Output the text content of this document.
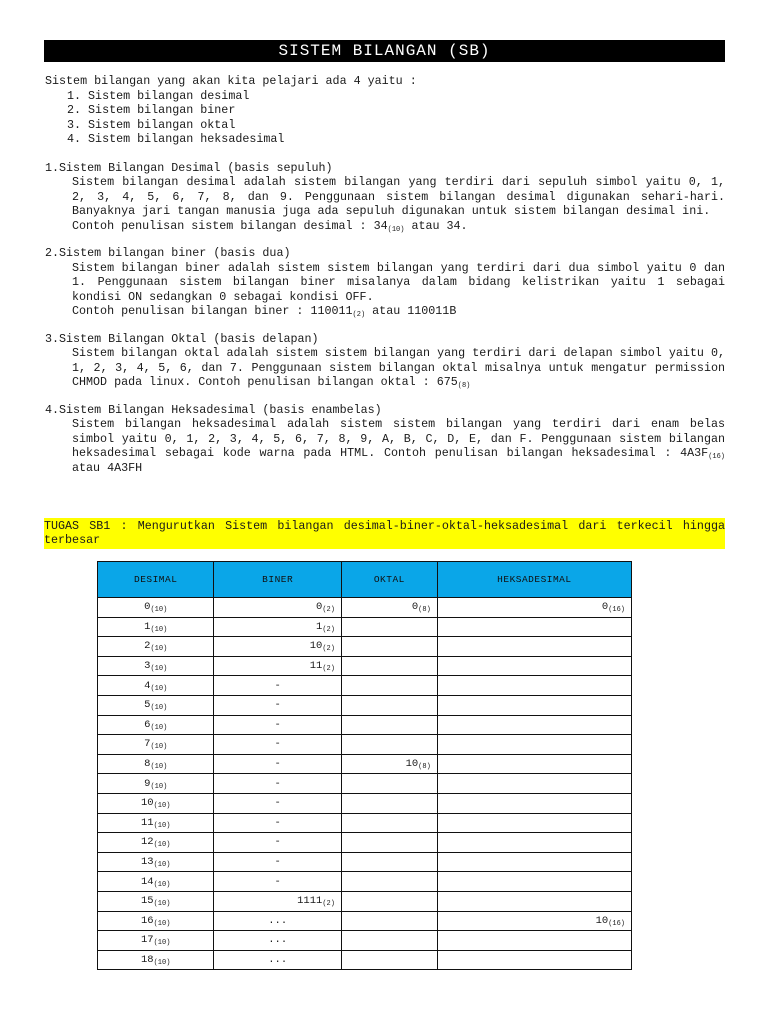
SISTEM BILANGAN (SB)
Sistem bilangan yang akan kita pelajari ada 4 yaitu :
1. Sistem bilangan desimal
2. Sistem bilangan biner
3. Sistem bilangan oktal
4. Sistem bilangan heksadesimal
1.Sistem Bilangan Desimal (basis sepuluh)

Sistem bilangan desimal adalah sistem bilangan yang terdiri dari sepuluh simbol yaitu 0, 1, 2, 3, 4, 5, 6, 7, 8, dan 9. Penggunaan sistem bilangan desimal digunakan sehari-hari. Banyaknya jari tangan manusia juga ada sepuluh digunakan untuk sistem bilangan desimal ini.

Contoh penulisan sistem bilangan desimal : $34_{(10)}$ atau 34.

2.Sistem bilangan biner (basis dua)

Sistem bilangan biner adalah sistem sistem bilangan yang terdiri dari dua simbol yaitu 0 dan 1. Penggunaan sistem bilangan biner misalanya dalam bidang kelistrikan yaitu 1 sebagai kondisi ON sedangkan 0 sebagai kondisi OFF.

Contoh penulisan bilangan biner : $110011_{(2)}$ atau 110011B

3.Sistem Bilangan Oktal (basis delapan)

Sistem bilangan oktal adalah sistem sistem bilangan yang terdiri dari delapan simbol yaitu 0, 1, 2, 3, 4, 5, 6, dan 7. Penggunaan sistem bilangan oktal misalnya untuk mengatur permission CHMOD pada linux. Contoh penulisan bilangan oktal : $675_{(8)}$

4.Sistem Bilangan Heksadesimal (basis enambelas)

Sistem bilangan heksadesimal adalah sistem sistem bilangan yang terdiri dari enam belas simbol yaitu 0, 1, 2, 3, 4, 5, 6, 7, 8, 9, A, B, C, D, E, dan F. Penggunaan sistem bilangan heksadesimal sebagai kode warna pada HTML. Contoh penulisan bilangan heksadesimal : $4A3F_{(16)}$ atau 4A3FH

TUGAS SB1 : Mengurutkan Sistem bilangan desimal-biner-oktal-heksadesimal dari terkecil hingga terbesar
DESIMAL	BINER	OKTAL	HEKSADESIMAL
$0_{(10)}$	$0_{(2)}$	$0_{(8)}$	$0_{(16)}$
$1_{(10)}$	$1_{(2)}$		
$2_{(10)}$	$10_{(2)}$		
$3_{(10)}$	$11_{(2)}$		
$4_{(10)}$	-		
$5_{(10)}$	-		
$6_{(10)}$	-		
$7_{(10)}$	-		
$8_{(10)}$	-	$10_{(8)}$	
$9_{(10)}$	-		
$10_{(10)}$	-		
$11_{(10)}$	-		
$12_{(10)}$	-		
$13_{(10)}$	-		
$14_{(10)}$	-		
$15_{(10)}$	$1111_{(2)}$		
$16_{(10)}$	...		$10_{(16)}$
$17_{(10)}$	...		
$18_{(10)}$	...		
